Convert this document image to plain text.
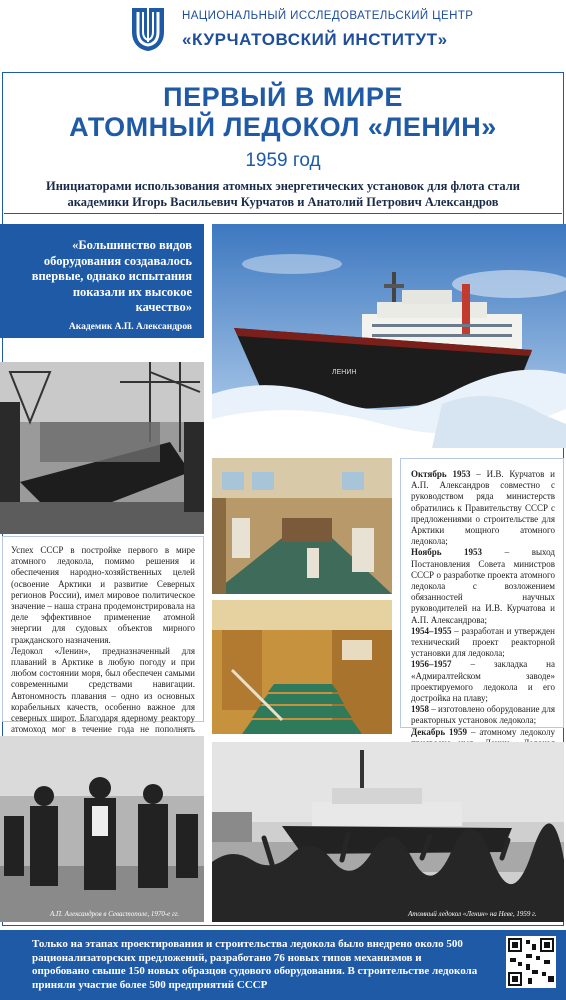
НАЦИОНАЛЬНЫЙ ИССЛЕДОВАТЕЛЬСКИЙ ЦЕНТР
«КУРЧАТОВСКИЙ ИНСТИТУТ»
ПЕРВЫЙ В МИРЕ
АТОМНЫЙ ЛЕДОКОЛ «ЛЕНИН»
1959 год
Инициаторами использования атомных энергетических установок для флота стали академики Игорь Васильевич Курчатов и Анатолий Петрович Александров

«Большинство видов оборудования создавалось впервые, однако испытания показали их высокое качество»

Академик А.П. Александров
ЛЕНИН

Успех СССР в постройке первого в мире атомного ледокола, помимо решения и обеспечения народно-хозяйственных целей (освоение Арктики и развитие Северных регионов России), имел мировое политическое значение – наша страна продемонстрировала на деле эффективное применение атомной энергии для судовых объектов мирного гражданского назначения.

Ледокол «Ленин», предназначенный для плаваний в Арктике в любую погоду и при любом состоянии моря, был обеспечен самыми современными средствами навигации. Автономность плавания – одно из основных корабельных качеств, особенно важное для северных широт. Благодаря ядерному реактору атомоход мог в течение года не пополнять

Октябрь 1953 – И.В. Курчатов и А.П. Александров совместно с руководством ряда министерств обратились к Правительству СССР с предложениями о строительстве для Арктики мощного атомного ледокола;
Ноябрь 1953 – выход Постановления Совета министров СССР о разработке проекта атомного ледокола с возложением обязанностей научных руководителей на И.В. Курчатова и А.П. Александрова;
1954–1955 – разработан и утвержден технический проект реакторной установки для ледокола;
1956–1957 – закладка на «Адмиралтейском заводе» проектируемого ледокола и его достройка на плаву;
1958 – изготовлено оборудование для реакторных установок ледокола;
Декабрь 1959 – атомному ледоколу
А.П. Александров в Севастополе, 1970-е гг.	Атомный ледокол «Ленин» на Неве, 1959 г.
Только на этапах проектирования и строительства ледокола было внедрено около 500 рационализаторских предложений, разработано 76 новых типов механизмов и опробовано свыше 150 новых образцов судового оборудования. В строительстве ледокола приняли участие более 500 предприятий СССР
